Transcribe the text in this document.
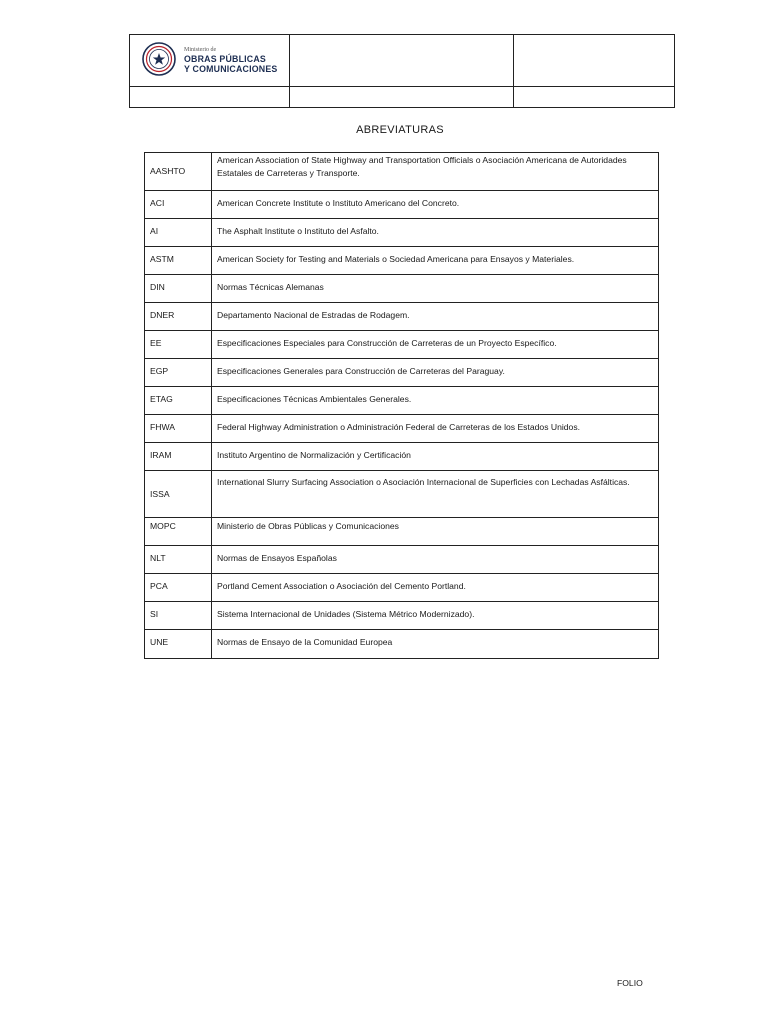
Ministerio de
OBRAS PÚBLICAS
Y COMUNICACIONES		

ABREVIATURAS
AASHTO	American Association of State Highway and Transportation Officials o Asociación Americana de Autoridades Estatales de Carreteras y Transporte.
ACI	American Concrete Institute o Instituto Americano del Concreto.
AI	The Asphalt Institute o Instituto del Asfalto.
ASTM	American Society for Testing and Materials o Sociedad Americana para Ensayos y Materiales.
DIN	Normas Técnicas Alemanas
DNER	Departamento Nacional de Estradas de Rodagem.
EE	Especificaciones Especiales para Construcción de Carreteras de un Proyecto Específico.
EGP	Especificaciones Generales para Construcción de Carreteras del Paraguay.
ETAG	Especificaciones Técnicas Ambientales Generales.
FHWA	Federal Highway Administration o Administración Federal de Carreteras de los Estados Unidos.
IRAM	Instituto Argentino de Normalización y Certificación
ISSA	International Slurry Surfacing Association o Asociación Internacional de Superficies con Lechadas Asfálticas.
MOPC	Ministerio de Obras Públicas y Comunicaciones
NLT	Normas de Ensayos Españolas
PCA	Portland Cement Association o Asociación del Cemento Portland.
SI	Sistema Internacional de Unidades (Sistema Métrico Modernizado).
UNE	Normas de Ensayo de la Comunidad Europea
FOLIO
